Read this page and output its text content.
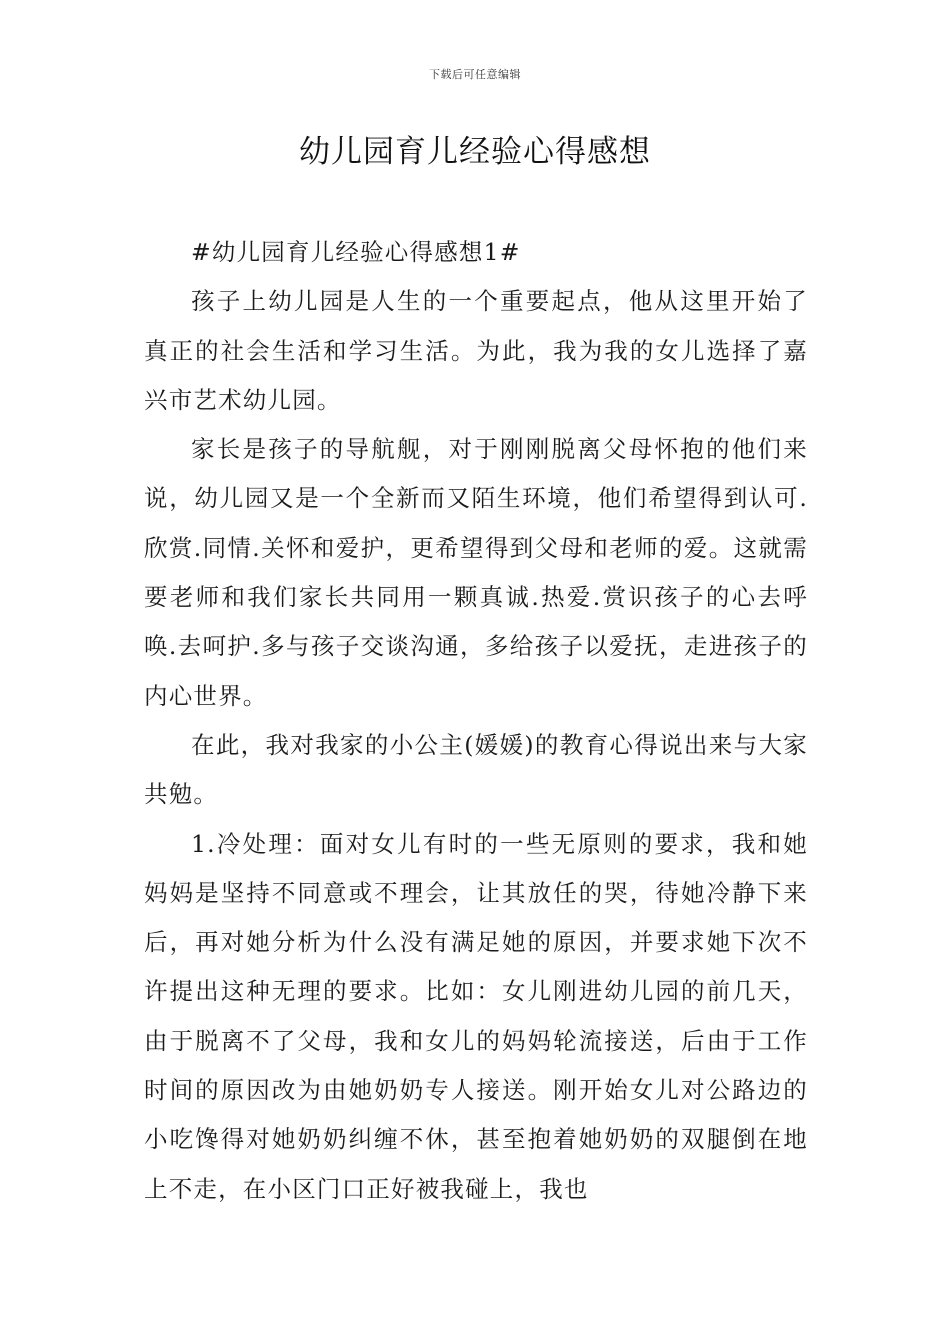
下载后可任意编辑
幼儿园育儿经验心得感想

#幼儿园育儿经验心得感想1#

孩子上幼儿园是人生的一个重要起点，他从这里开始了真正的社会生活和学习生活。为此，我为我的女儿选择了嘉兴市艺术幼儿园。

家长是孩子的导航舰，对于刚刚脱离父母怀抱的他们来说，幼儿园又是一个全新而又陌生环境，他们希望得到认可.欣赏.同情.关怀和爱护，更希望得到父母和老师的爱。这就需要老师和我们家长共同用一颗真诚.热爱.赏识孩子的心去呼唤.去呵护.多与孩子交谈沟通，多给孩子以爱抚，走进孩子的内心世界。

在此，我对我家的小公主(媛媛)的教育心得说出来与大家共勉。

1.冷处理：面对女儿有时的一些无原则的要求，我和她妈妈是坚持不同意或不理会，让其放任的哭，待她冷静下来后，再对她分析为什么没有满足她的原因，并要求她下次不许提出这种无理的要求。比如：女儿刚进幼儿园的前几天，由于脱离不了父母，我和女儿的妈妈轮流接送，后由于工作时间的原因改为由她奶奶专人接送。刚开始女儿对公路边的小吃馋得对她奶奶纠缠不休，甚至抱着她奶奶的双腿倒在地上不走，在小区门口正好被我碰上，我也
